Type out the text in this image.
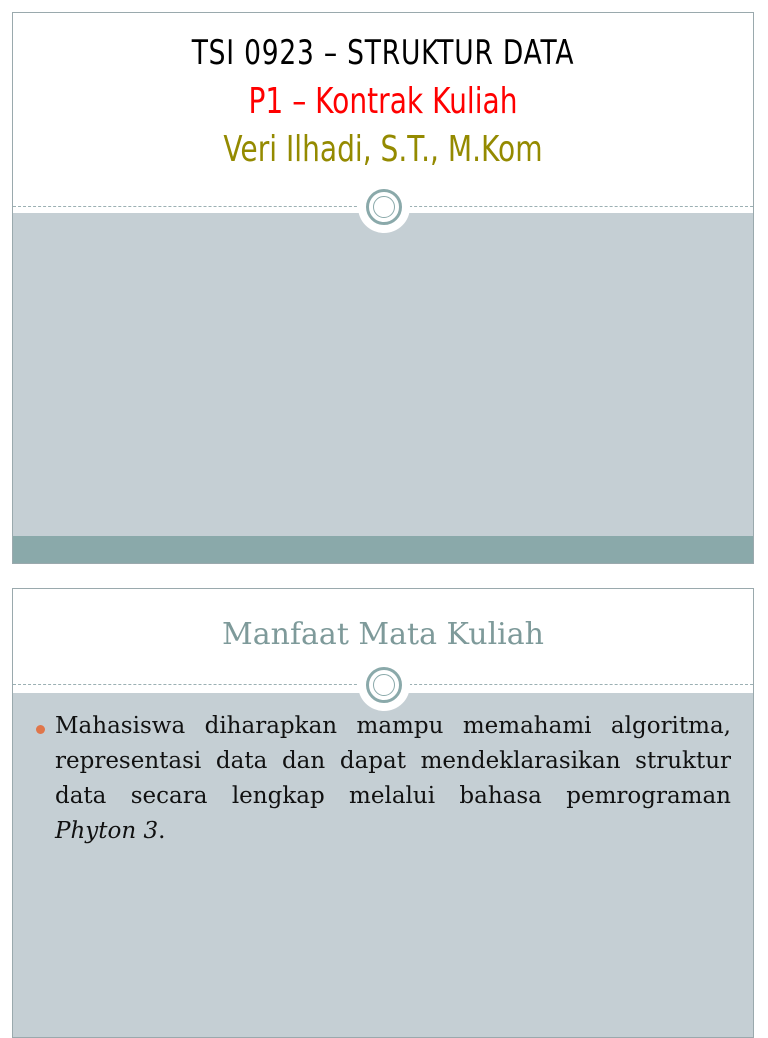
TSI 0923 – STRUKTUR DATA
P1 – Kontrak Kuliah
Veri Ilhadi, S.T., M.Kom
Manfaat Mata Kuliah
Mahasiswa diharapkan mampu memahami algoritma, representasi data dan dapat mendeklarasikan struktur data secara lengkap melalui bahasa pemrograman Phyton 3.
